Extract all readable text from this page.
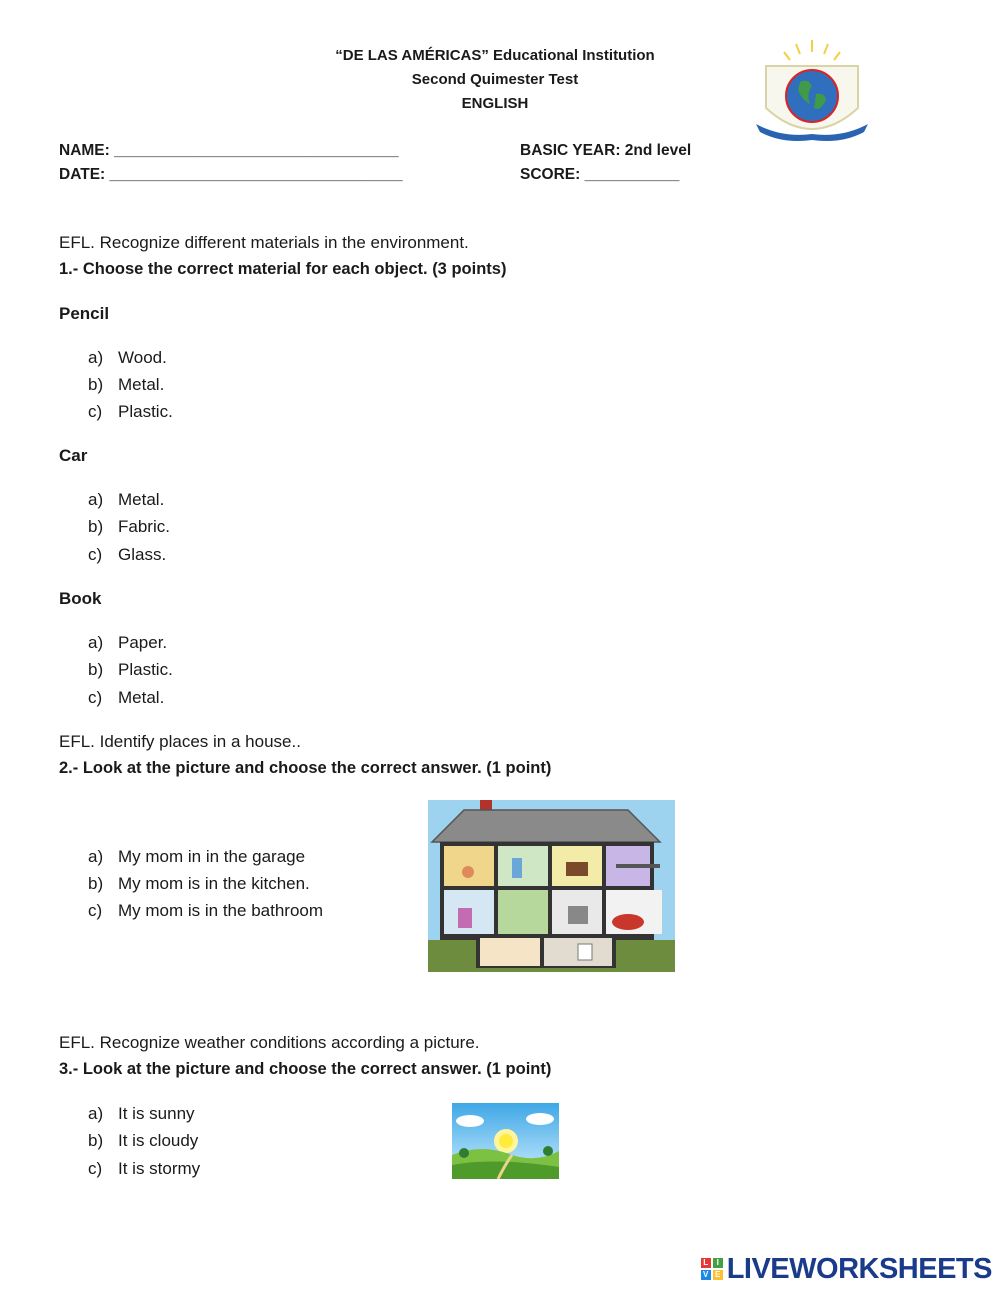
“DE LAS AMÉRICAS” Educational Institution
Second Quimester Test
ENGLISH
NAME: _________________________________
DATE: __________________________________
BASIC YEAR: 2nd level
SCORE: ___________
EFL. Recognize different materials in the environment.
1.- Choose the correct material for each object. (3 points)
Pencil
a) Wood.
b) Metal.
c) Plastic.
Car
a) Metal.
b) Fabric.
c) Glass.
Book
a) Paper.
b) Plastic.
c) Metal.
EFL. Identify places in a house..
2.- Look at the picture and choose the correct answer. (1 point)
a) My mom in in the garage
b) My mom is in the kitchen.
c) My mom is in the bathroom
EFL. Recognize weather conditions according a picture.
3.- Look at the picture and choose the correct answer. (1 point)
a) It is sunny
b) It is cloudy
c) It is stormy
L	I
V E LIVEWORKSHEETS
